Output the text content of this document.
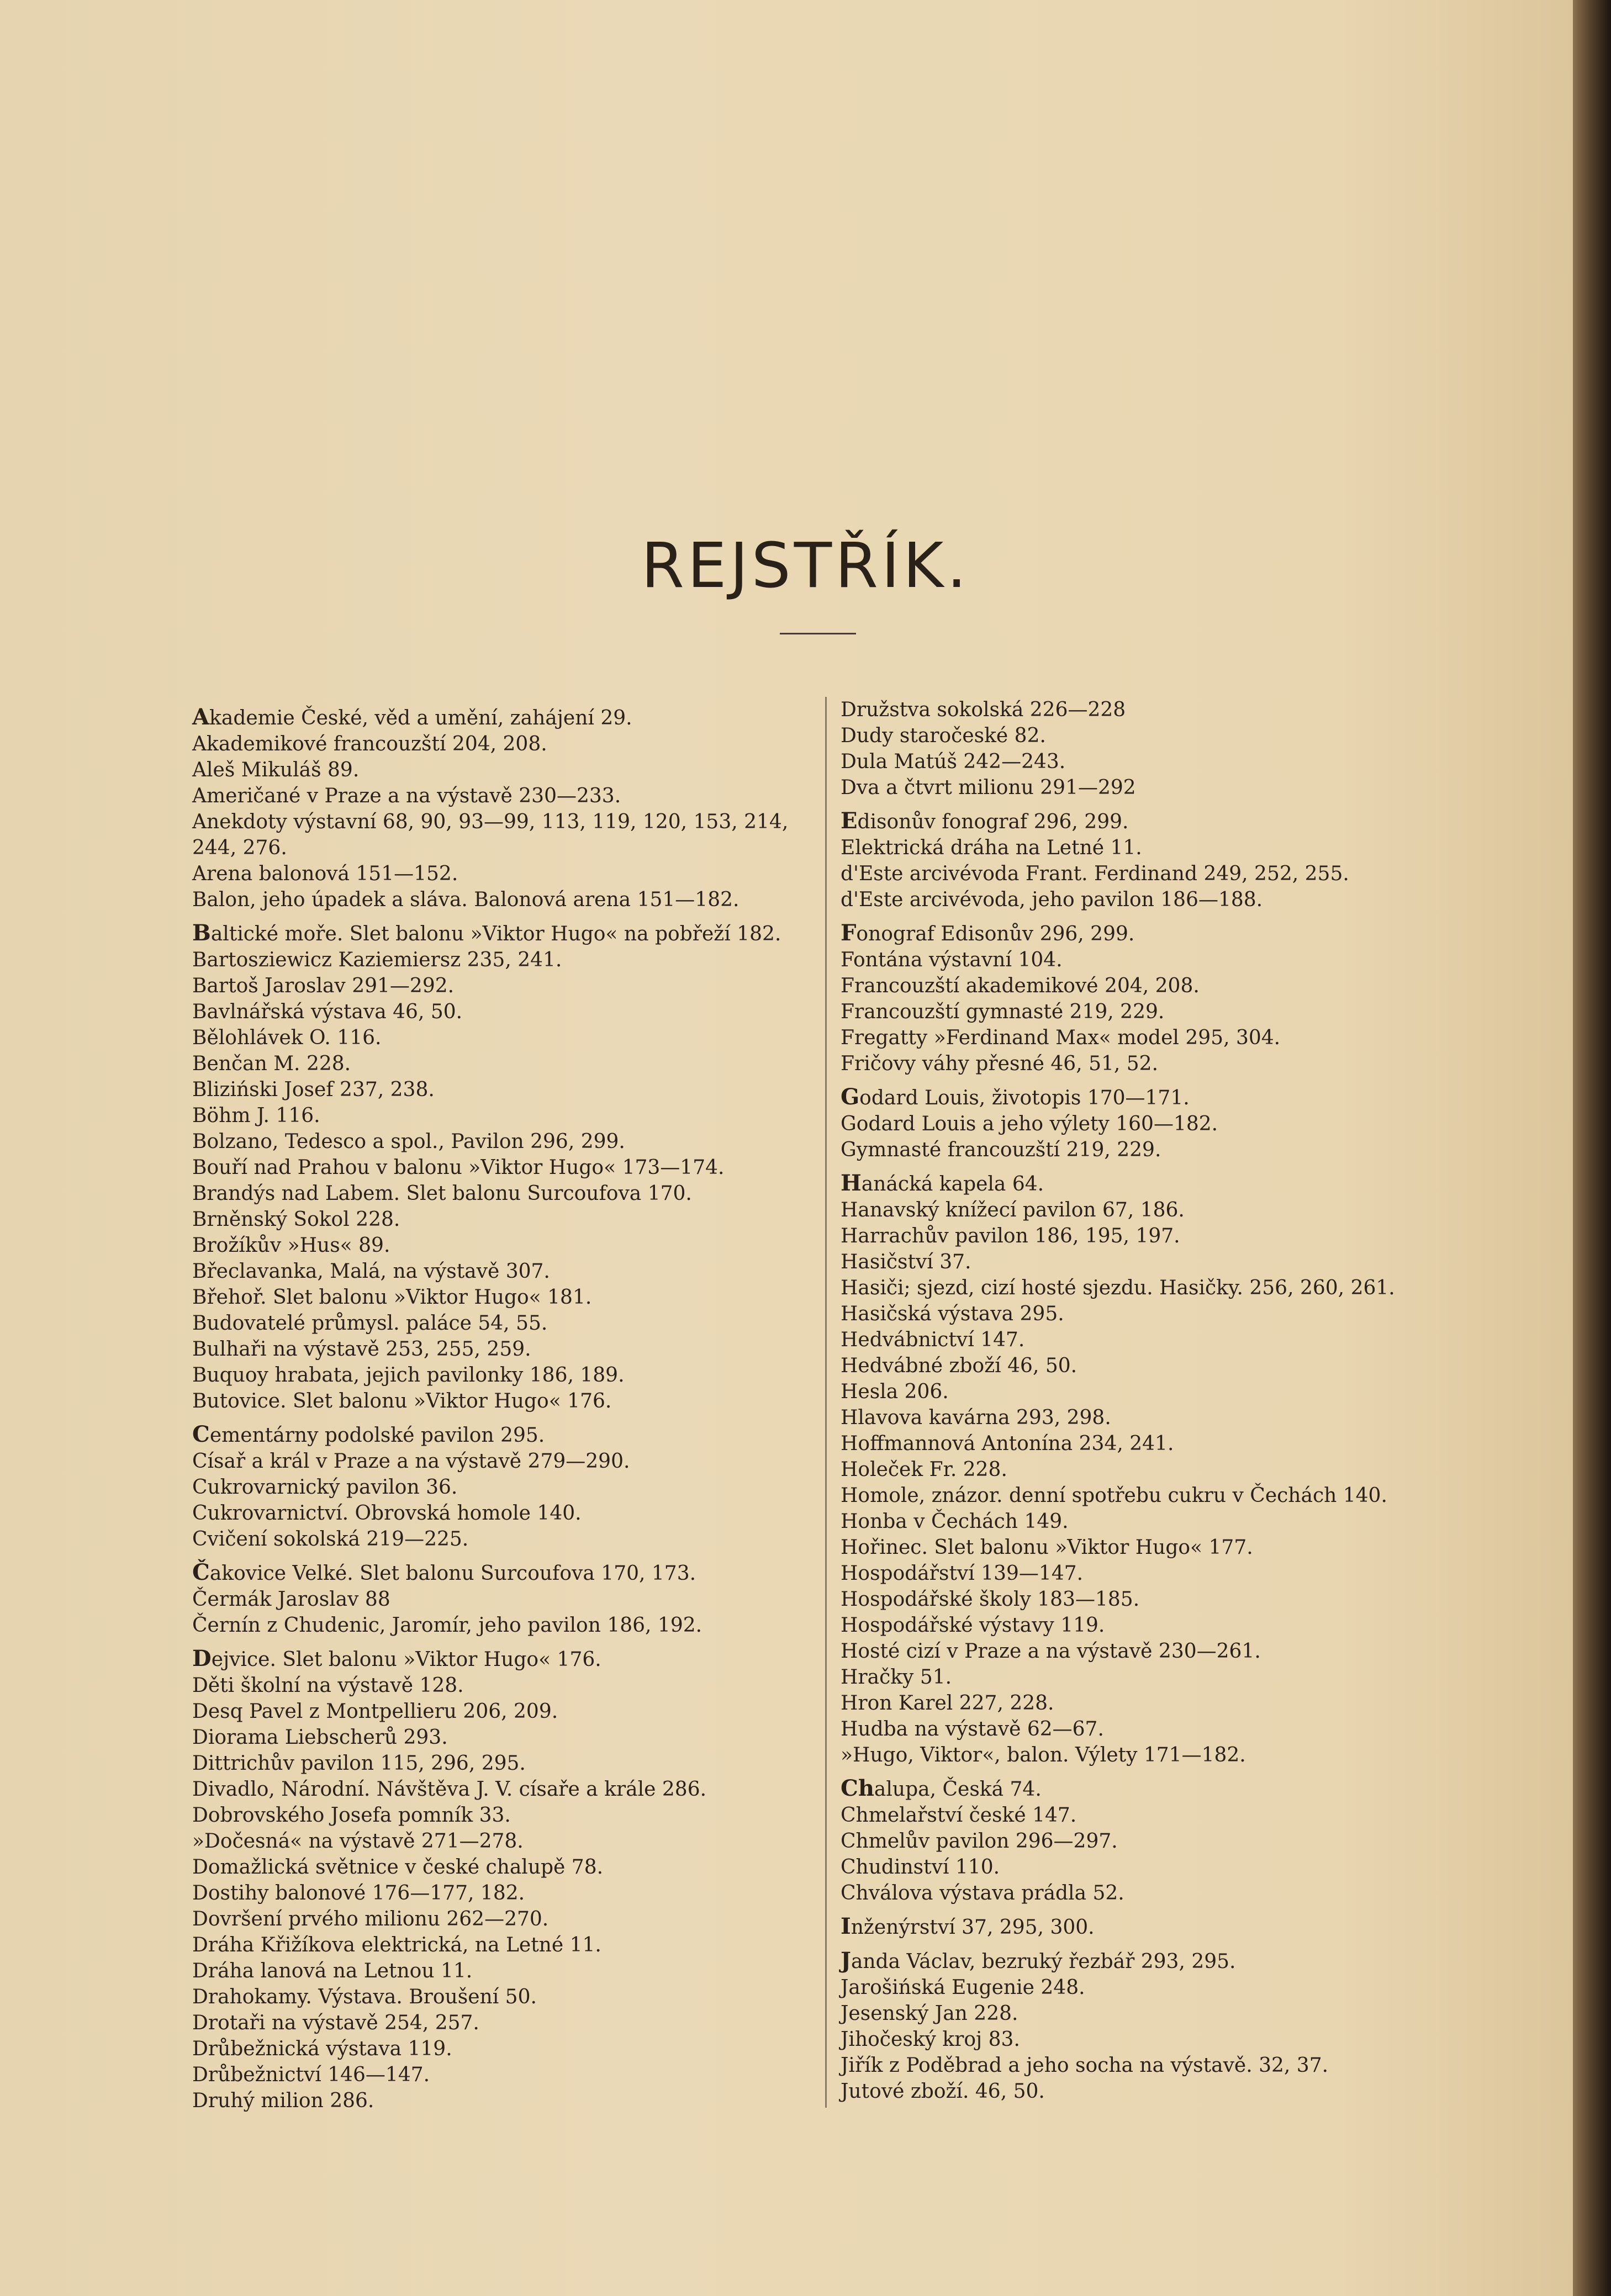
REJSTŘÍK.
Akademie České, věd a umění, zahájení 29.
Akademikové francouzští 204, 208.
Aleš Mikuláš 89.
Američané v Praze a na výstavě 230—233.
Anekdoty výstavní 68, 90, 93—99, 113, 119, 120, 153, 214, 244, 276.
Arena balonová 151—152.
Balon, jeho úpadek a sláva. Balonová arena 151—182.
Baltické moře. Slet balonu »Viktor Hugo« na pobřeží 182.
Bartosziewicz Kaziemiersz 235, 241.
Bartoš Jaroslav 291—292.
Bavlnářská výstava 46, 50.
Bělohlávek O. 116.
Benčan M. 228.
Bliziński Josef 237, 238.
Böhm J. 116.
Bolzano, Tedesco a spol., Pavilon 296, 299.
Bouří nad Prahou v balonu »Viktor Hugo« 173—174.
Brandýs nad Labem. Slet balonu Surcoufova 170.
Brněnský Sokol 228.
Brožíkův »Hus« 89.
Břeclavanka, Malá, na výstavě 307.
Břehoř. Slet balonu »Viktor Hugo« 181.
Budovatelé průmysl. paláce 54, 55.
Bulhaři na výstavě 253, 255, 259.
Buquoy hrabata, jejich pavilonky 186, 189.
Butovice. Slet balonu »Viktor Hugo« 176.
Cementárny podolské pavilon 295.
Císař a král v Praze a na výstavě 279—290.
Cukrovarnický pavilon 36.
Cukrovarnictví. Obrovská homole 140.
Cvičení sokolská 219—225.
Čakovice Velké. Slet balonu Surcoufova 170, 173.
Čermák Jaroslav 88
Černín z Chudenic, Jaromír, jeho pavilon 186, 192.
Dejvice. Slet balonu »Viktor Hugo« 176.
Děti školní na výstavě 128.
Desq Pavel z Montpellieru 206, 209.
Diorama Liebscherů 293.
Dittrichův pavilon 115, 296, 295.
Divadlo, Národní. Návštěva J. V. císaře a krále 286.
Dobrovského Josefa pomník 33.
»Dočesná« na výstavě 271—278.
Domažlická světnice v české chalupě 78.
Dostihy balonové 176—177, 182.
Dovršení prvého milionu 262—270.
Dráha Křižíkova elektrická, na Letné 11.
Dráha lanová na Letnou 11.
Drahokamy. Výstava. Broušení 50.
Drotaři na výstavě 254, 257.
Drůbežnická výstava 119.
Drůbežnictví 146—147.
Druhý milion 286.
Družstva sokolská 226—228
Dudy staročeské 82.
Dula Matúš 242—243.
Dva a čtvrt milionu 291—292
Edisonův fonograf 296, 299.
Elektrická dráha na Letné 11.
d'Este arcivévoda Frant. Ferdinand 249, 252, 255.
d'Este arcivévoda, jeho pavilon 186—188.
Fonograf Edisonův 296, 299.
Fontána výstavní 104.
Francouzští akademikové 204, 208.
Francouzští gymnasté 219, 229.
Fregatty »Ferdinand Max« model 295, 304.
Fričovy váhy přesné 46, 51, 52.
Godard Louis, životopis 170—171.
Godard Louis a jeho výlety 160—182.
Gymnasté francouzští 219, 229.
Hanácká kapela 64.
Hanavský knížecí pavilon 67, 186.
Harrachův pavilon 186, 195, 197.
Hasičství 37.
Hasiči; sjezd, cizí hosté sjezdu. Hasičky. 256, 260, 261.
Hasičská výstava 295.
Hedvábnictví 147.
Hedvábné zboží 46, 50.
Hesla 206.
Hlavova kavárna 293, 298.
Hoffmannová Antonína 234, 241.
Holeček Fr. 228.
Homole, znázor. denní spotřebu cukru v Čechách 140.
Honba v Čechách 149.
Hořinec. Slet balonu »Viktor Hugo« 177.
Hospodářství 139—147.
Hospodářské školy 183—185.
Hospodářské výstavy 119.
Hosté cizí v Praze a na výstavě 230—261.
Hračky 51.
Hron Karel 227, 228.
Hudba na výstavě 62—67.
»Hugo, Viktor«, balon. Výlety 171—182.
Chalupa, Česká 74.
Chmelařství české 147.
Chmelův pavilon 296—297.
Chudinství 110.
Chválova výstava prádla 52.
Inženýrství 37, 295, 300.
Janda Václav, bezruký řezbář 293, 295.
Jarošińská Eugenie 248.
Jesenský Jan 228.
Jihočeský kroj 83.
Jiřík z Poděbrad a jeho socha na výstavě. 32, 37.
Jutové zboží. 46, 50.
